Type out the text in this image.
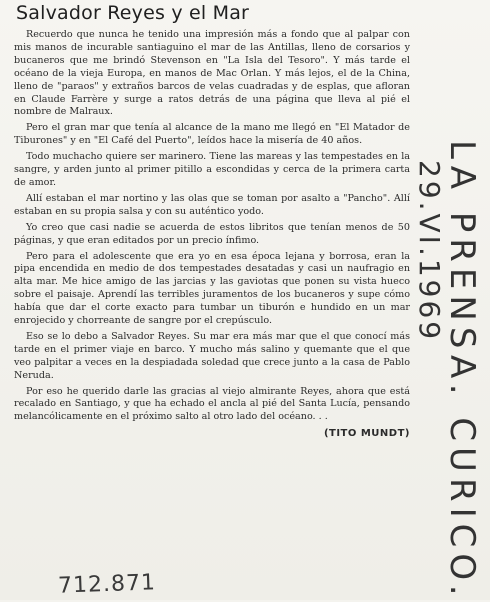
Salvador Reyes y el Mar

Recuerdo que nunca he tenido una impresión más a fondo que al palpar con mis manos de incurable santiaguino el mar de las Antillas, lleno de corsarios y bucaneros que me brindó Stevenson en "La Isla del Tesoro". Y más tarde el océano de la vieja Europa, en manos de Mac Orlan. Y más lejos, el de la China, lleno de "paraos" y extraños barcos de velas cuadradas y de esplas, que afloran en Claude Farrère y surge a ratos detrás de una página que lleva al pié el nombre de Malraux.

Pero el gran mar que tenía al alcance de la mano me llegó en "El Matador de Tiburones" y en "El Café del Puerto", leídos hace la misería de 40 años.

Todo muchacho quiere ser marinero. Tiene las mareas y las tempestades en la sangre, y arden junto al primer pitillo a escondidas y cerca de la primera carta de amor.

Allí estaban el mar nortino y las olas que se toman por asalto a "Pancho". Allí estaban en su propia salsa y con su auténtico yodo.

Yo creo que casi nadie se acuerda de estos libritos que tenían menos de 50 páginas, y que eran editados por un precio ínfimo.

Pero para el adolescente que era yo en esa época lejana y borrosa, eran la pipa encendida en medio de dos tempestades desatadas y casi un naufragio en alta mar. Me hice amigo de las jarcias y las gaviotas que ponen su vista hueco sobre el paisaje. Aprendí las terribles juramentos de los bucaneros y supe cómo había que dar el corte exacto para tumbar un tiburón e hundido en un mar enrojecido y chorreante de sangre por el crepúsculo.

Eso se lo debo a Salvador Reyes. Su mar era más mar que el que conocí más tarde en el primer viaje en barco. Y mucho más salino y quemante que el que veo palpitar a veces en la despiadada soledad que crece junto a la casa de Pablo Neruda.

Por eso he querido darle las gracias al viejo almirante Reyes, ahora que está recalado en Santiago, y que ha echado el ancla al pié del Santa Lucía, pensando melancólicamente en el próximo salto al otro lado del océano. . .

(TITO MUNDT) LA PRENSA. CURICO.
29.VI.1969
712.871
